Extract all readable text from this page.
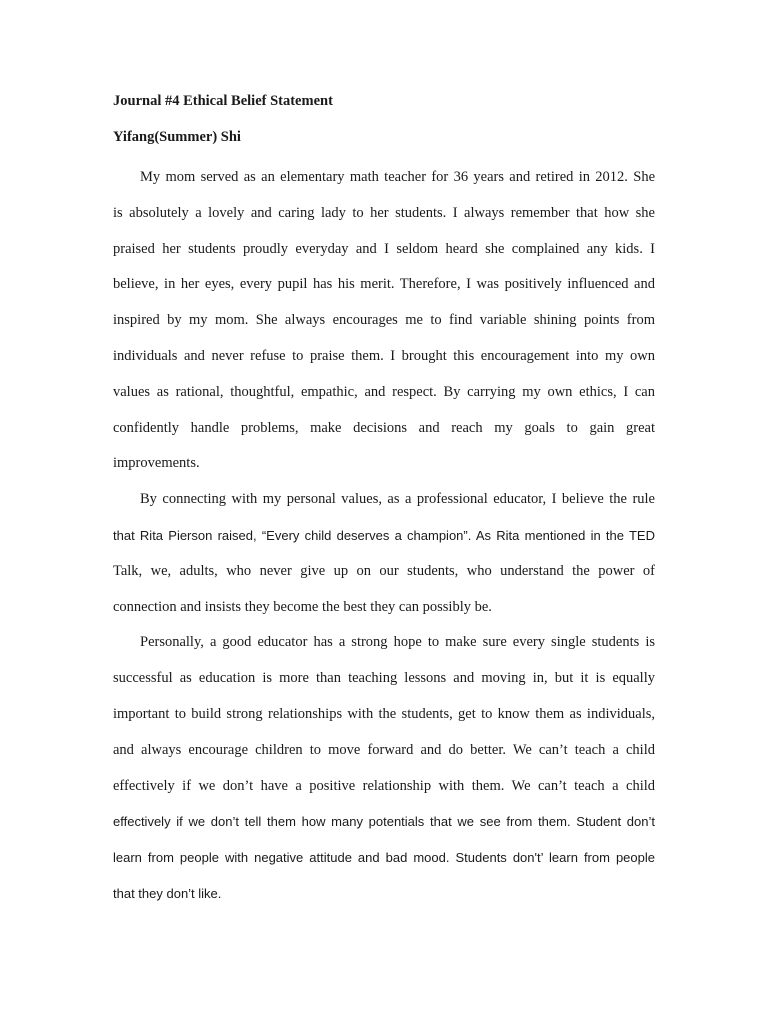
Journal #4 Ethical Belief Statement
Yifang(Summer) Shi
My mom served as an elementary math teacher for 36 years and retired in 2012. She
is absolutely a lovely and caring lady to her students. I always remember that how she
praised her students proudly everyday and I seldom heard she complained any kids. I
believe, in her eyes, every pupil has his merit. Therefore, I was positively influenced and
inspired by my mom. She always encourages me to find variable shining points from
individuals and never refuse to praise them. I brought this encouragement into my own
values as rational, thoughtful, empathic, and respect. By carrying my own ethics, I can
confidently handle problems, make decisions and reach my goals to gain great
improvements.
By connecting with my personal values, as a professional educator, I believe the rule
that Rita Pierson raised, “Every child deserves a champion”. As Rita mentioned in the TED
Talk, we, adults, who never give up on our students, who understand the power of
connection and insists they become the best they can possibly be.
Personally, a good educator has a strong hope to make sure every single students is
successful as education is more than teaching lessons and moving in, but it is equally
important to build strong relationships with the students, get to know them as individuals,
and always encourage children to move forward and do better. We can’t teach a child
effectively if we don’t have a positive relationship with them. We can’t teach a child
effectively if we don’t tell them how many potentials that we see from them. Student don’t
learn from people with negative attitude and bad mood. Students don't’ learn from people
that they don’t like.
